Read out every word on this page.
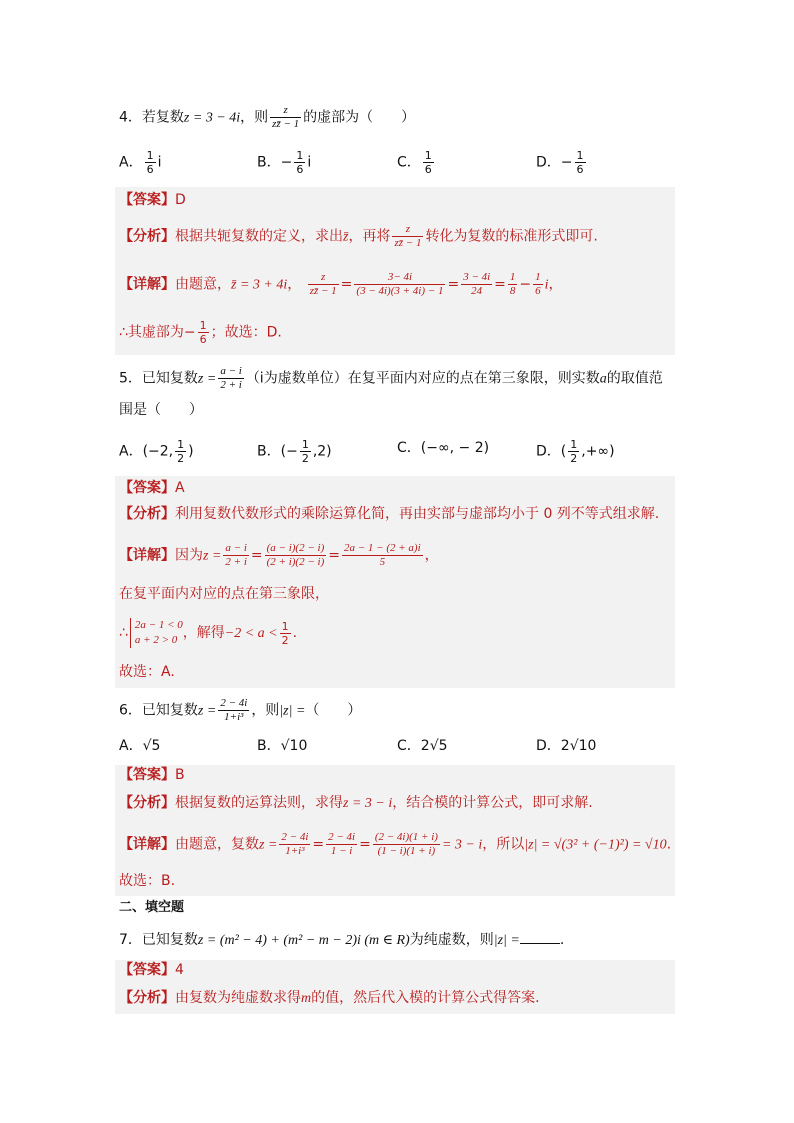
4．若复数z = 3 − 4i，则 $\frac{z}{zz̄ - 1}$ 的虚部为（　　）
A． $\frac{1}{6}$ i	B．− $\frac{1}{6}$ i	C． $\frac{1}{6}$	D．− $\frac{1}{6}$
【答案】D
【分析】根据共轭复数的定义，求出z̄，再将 $\frac{z}{zz̄ - 1}$ 转化为复数的标准形式即可.
【详解】由题意，z̄ = 3 + 4i， $\frac{z}{zz̄ - 1} = \frac{3- 4i}{(3 - 4i)(3 + 4i) - 1} = \frac{3 - 4i}{24} = \frac{1}{8} - \frac{1}{6}$ i，
∴其虚部为− $\frac{1}{6}$ ；故选：D.
5．已知复数$z = \frac{a - i}{2 + i} (i$为虚数单位）在复平面内对应的点在第三象限，则实数a的取值范
围是（　　）
A．(−2, $\frac{1}{2}$ )	B．(− $\frac{1}{2} ,2$)	C．(−∞, − 2)	D．( $\frac{1}{2}$ ,+∞)
【答案】A
【分析】利用复数代数形式的乘除运算化简，再由实部与虚部均小于 0 列不等式组求解.
【详解】因为$z = \frac{a - i}{2 + i} = \frac{(a - i)(2 - i)}{(2 + i)(2 - i)} = \frac{2a - 1 - (2 + a)i}{5}$ ，
在复平面内对应的点在第三象限，
∴ 2a − 1 < 0
a + 2 > 0 ，解得$-2 < a < \frac{1}{2}$ .
故选：A.
6．已知复数$z = \frac{2 - 4i}{\text{1+i³}}$ ，则|z| =（　　）
A．√5	B．√10	C．2√5	D．2√10
【答案】B
【分析】根据复数的运算法则，求得z = 3 − i，结合模的计算公式，即可求解.
【详解】由题意，复数$z = \frac{2 - 4i}{\text{1+i³}} = \frac{2 - 4i}{1 - i} = \frac{(2 - 4i)(1 + i)}{(1 - i)(1 + i)} = 3 - i$，所以|z| = √(3² + (−1)²) = √10.
故选：B.
二、填空题
7．已知复数z = (m² − 4) + (m² − m − 2)i (m ∈ R)为纯虚数，则|z| =	.
【答案】4
【分析】由复数为纯虚数求得m的值，然后代入模的计算公式得答案.
